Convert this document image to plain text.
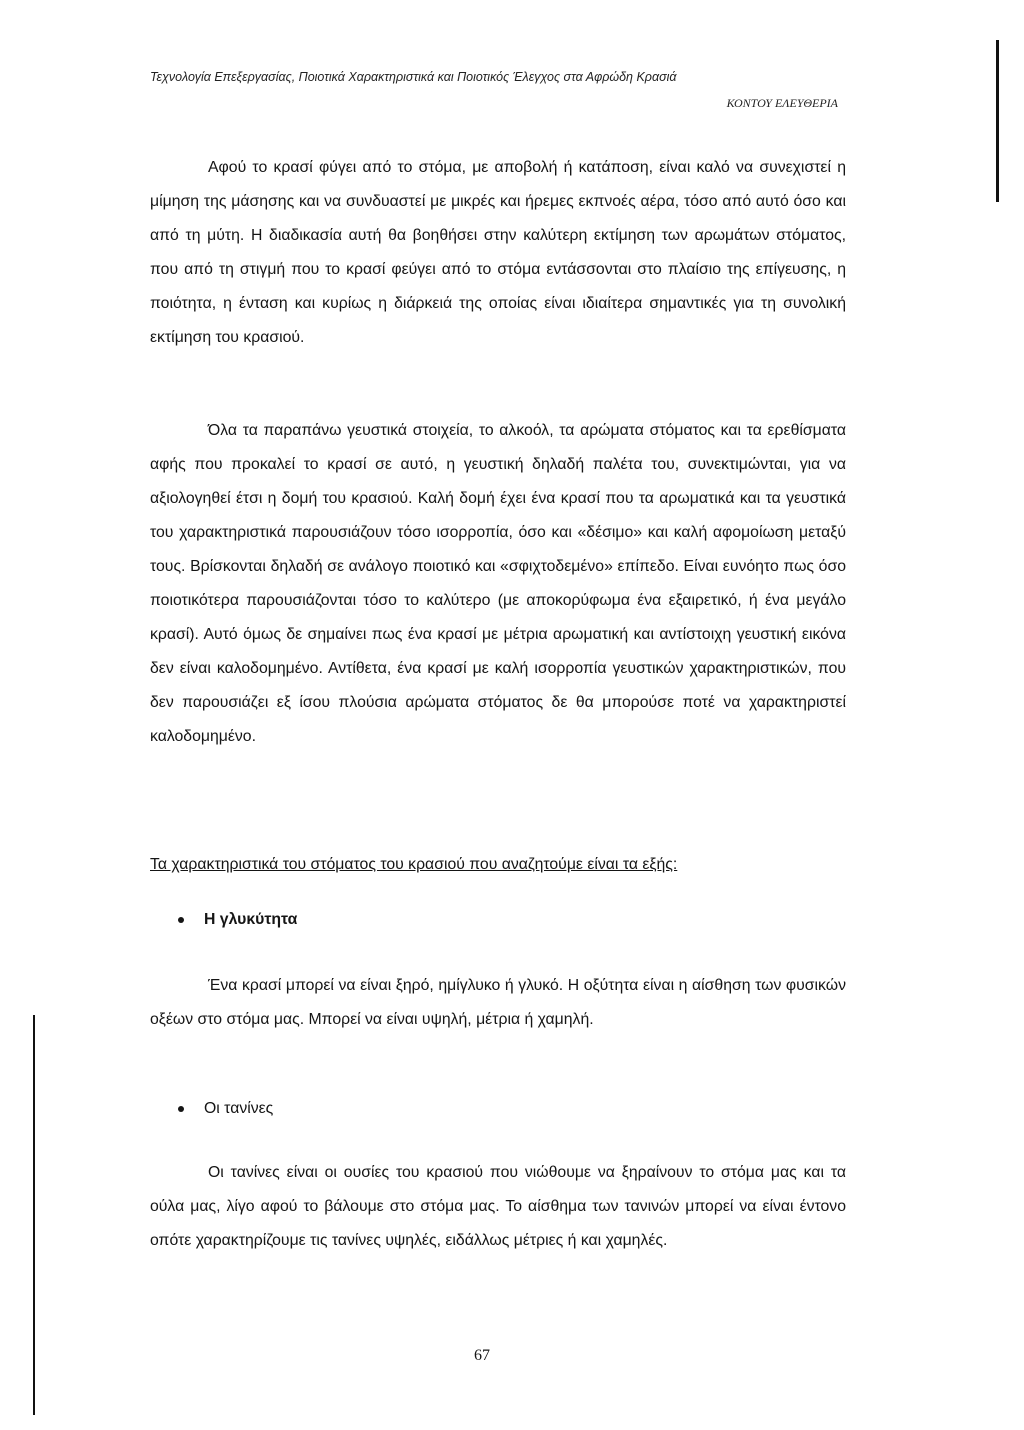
Τεχνολογία Επεξεργασίας, Ποιοτικά Χαρακτηριστικά και Ποιοτικός Έλεγχος στα Αφρώδη Κρασιά
ΚΟΝΤΟΥ ΕΛΕΥΘΕΡΙΑ

Αφού το κρασί φύγει από το στόμα, με αποβολή ή κατάποση, είναι καλό να συνεχιστεί η μίμηση της μάσησης και να συνδυαστεί με μικρές και ήρεμες εκπνοές αέρα, τόσο από αυτό όσο και από τη μύτη. Η διαδικασία αυτή θα βοηθήσει στην καλύτερη εκτίμηση των αρωμάτων στόματος, που από τη στιγμή που το κρασί φεύγει από το στόμα εντάσσονται στο πλαίσιο της επίγευσης, η ποιότητα, η ένταση και κυρίως η διάρκειά της οποίας είναι ιδιαίτερα σημαντικές για τη συνολική εκτίμηση του κρασιού.

Όλα τα παραπάνω γευστικά στοιχεία, το αλκοόλ, τα αρώματα στόματος και τα ερεθίσματα αφής που προκαλεί το κρασί σε αυτό, η γευστική δηλαδή παλέτα του, συνεκτιμώνται, για να αξιολογηθεί έτσι η δομή του κρασιού. Καλή δομή έχει ένα κρασί που τα αρωματικά και τα γευστικά του χαρακτηριστικά παρουσιάζουν τόσο ισορροπία, όσο και «δέσιμο» και καλή αφομοίωση μεταξύ τους. Βρίσκονται δηλαδή σε ανάλογο ποιοτικό και «σφιχτοδεμένο» επίπεδο. Είναι ευνόητο πως όσο ποιοτικότερα παρουσιάζονται τόσο το καλύτερο (με αποκορύφωμα ένα εξαιρετικό, ή ένα μεγάλο κρασί). Αυτό όμως δε σημαίνει πως ένα κρασί με μέτρια αρωματική και αντίστοιχη γευστική εικόνα δεν είναι καλοδομημένο. Αντίθετα, ένα κρασί με καλή ισορροπία γευστικών χαρακτηριστικών, που δεν παρουσιάζει εξ ίσου πλούσια αρώματα στόματος δε θα μπορούσε ποτέ να χαρακτηριστεί καλοδομημένο.

Τα χαρακτηριστικά του στόματος του κρασιού που αναζητούμε είναι τα εξής:

Η γλυκύτητα

Ένα κρασί μπορεί να είναι ξηρό, ημίγλυκο ή γλυκό. Η οξύτητα είναι η αίσθηση των φυσικών οξέων στο στόμα μας. Μπορεί να είναι υψηλή, μέτρια ή χαμηλή.

Οι τανίνες

Οι τανίνες είναι οι ουσίες του κρασιού που νιώθουμε να ξηραίνουν το στόμα μας και τα ούλα μας, λίγο αφού το βάλουμε στο στόμα μας. Το αίσθημα των τανινών μπορεί να είναι έντονο οπότε χαρακτηρίζουμε τις τανίνες υψηλές, ειδάλλως μέτριες ή και χαμηλές.

67
